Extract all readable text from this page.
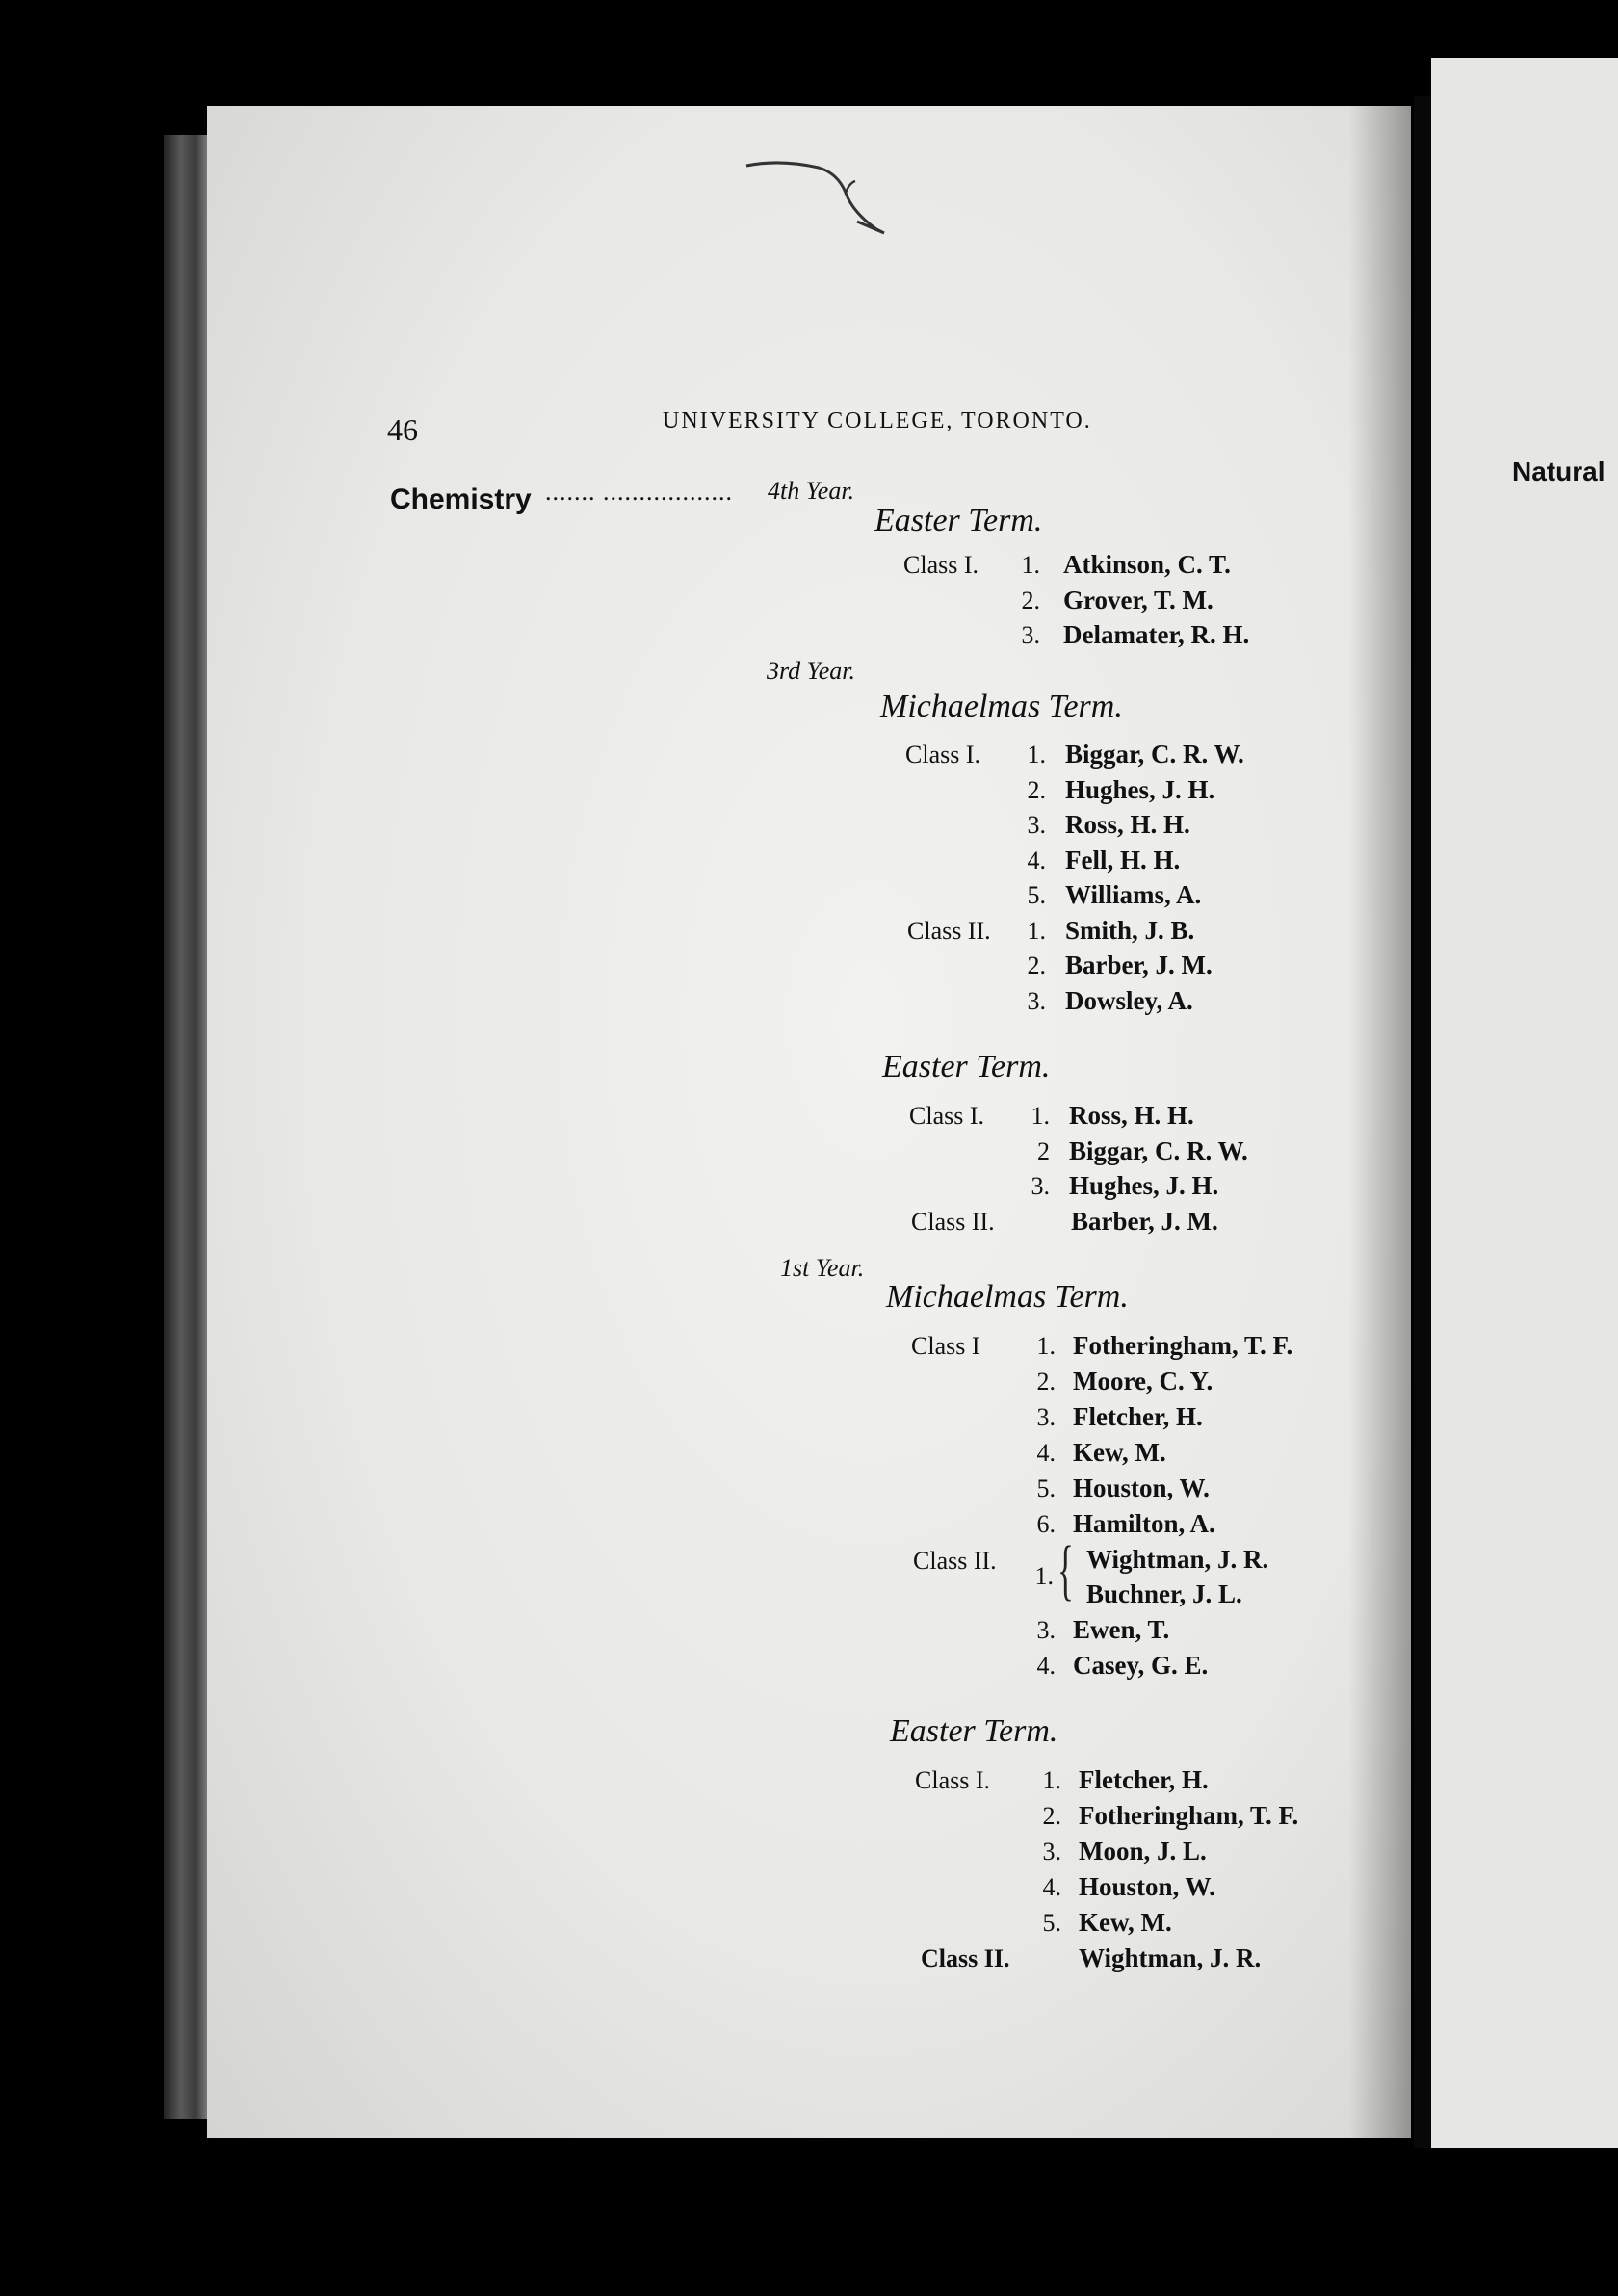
46	UNIVERSITY COLLEGE, TORONTO.
Chemistry ....... .................. 4th Year.
Easter Term.
Class I.	1. Atkinson, C. T.
2. Grover, T. M.
3. Delamater, R. H.
3rd Year.
Michaelmas Term.
Class I.	1. Biggar, C. R. W.
2. Hughes, J. H.
3. Ross, H. H.
4. Fell, H. H.
5. Williams, A.
Class II.	1. Smith, J. B.
2. Barber, J. M.
3. Dowsley, A.
Easter Term.
Class I.	1. Ross, H. H.
2 Biggar, C. R. W.
3. Hughes, J. H.
Class II.	Barber, J. M.
1st Year.
Michaelmas Term.
Class I	1. Fotheringham, T. F.
2. Moore, C. Y.
3. Fletcher, H.
4. Kew, M.
5. Houston, W.
6. Hamilton, A.
Class II.
1. { Wightman, J. R.
Buchner, J. L.
3. Ewen, T.
4. Casey, G. E.
Easter Term.
Class I.	1. Fletcher, H.
2. Fotheringham, T. F.
3. Moon, J. L.
4. Houston, W.
5. Kew, M.
Class II.	Wightman, J. R.
Natural
